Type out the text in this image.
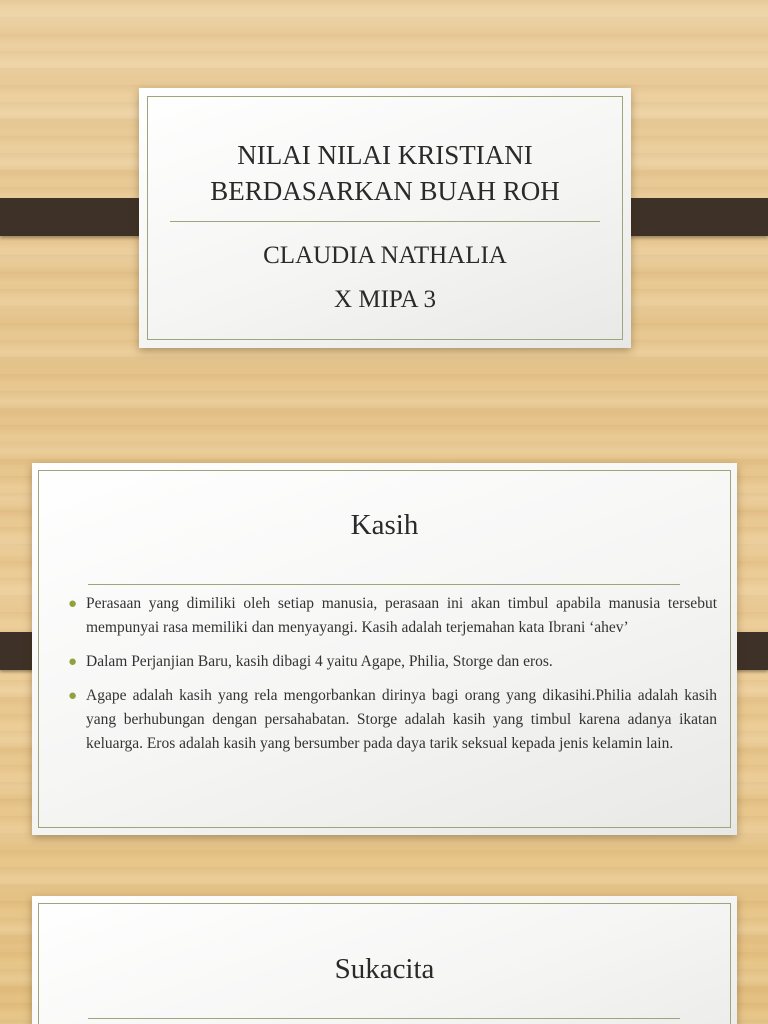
NILAI NILAI KRISTIANI
BERDASARKAN BUAH ROH
CLAUDIA NATHALIA
X MIPA 3
Kasih
● Perasaan yang dimiliki oleh setiap manusia, perasaan ini akan timbul apabila manusia tersebut mempunyai rasa memiliki dan menyayangi. Kasih adalah terjemahan kata Ibrani ‘ahev’
● Dalam Perjanjian Baru, kasih dibagi 4 yaitu Agape, Philia, Storge dan eros.
● Agape adalah kasih yang rela mengorbankan dirinya bagi orang yang dikasihi.Philia adalah kasih yang berhubungan dengan persahabatan. Storge adalah kasih yang timbul karena adanya ikatan keluarga. Eros adalah kasih yang bersumber pada daya tarik seksual kepada jenis kelamin lain.
Sukacita
